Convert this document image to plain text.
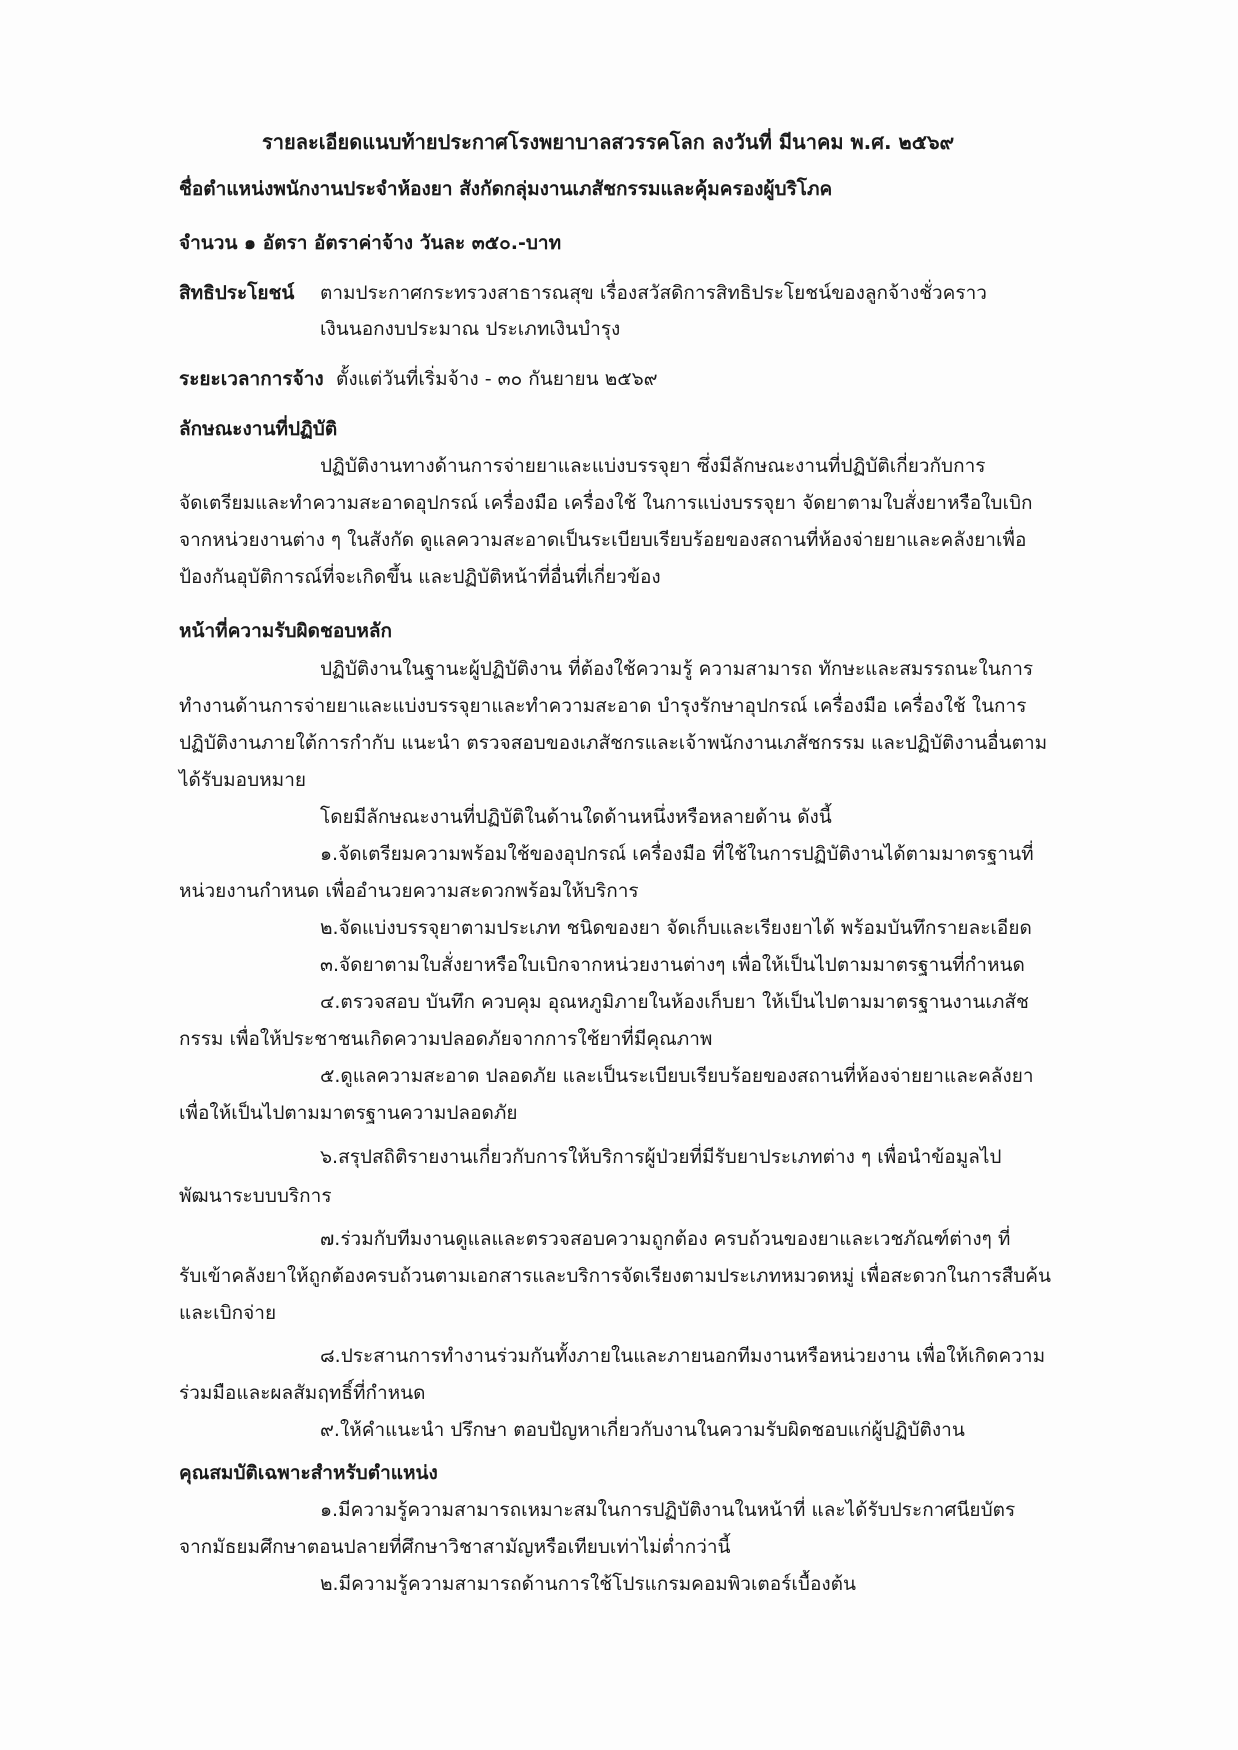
รายละเอียดแนบท้ายประกาศโรงพยาบาลสวรรคโลก ลงวันที่ มีนาคม พ.ศ. ๒๕๖๙
ชื่อตำแหน่งพนักงานประจำห้องยา สังกัดกลุ่มงานเภสัชกรรมและคุ้มครองผู้บริโภค
จำนวน ๑ อัตรา อัตราค่าจ้าง วันละ ๓๕๐.-บาท
สิทธิประโยชน์ ตามประกาศกระทรวงสาธารณสุข เรื่องสวัสดิการสิทธิประโยชน์ของลูกจ้างชั่วคราว
เงินนอกงบประมาณ ประเภทเงินบำรุง
ระยะเวลาการจ้าง ตั้งแต่วันที่เริ่มจ้าง - ๓๐ กันยายน ๒๕๖๙
ลักษณะงานที่ปฏิบัติ
ปฏิบัติงานทางด้านการจ่ายยาและแบ่งบรรจุยา ซึ่งมีลักษณะงานที่ปฏิบัติเกี่ยวกับการ
จัดเตรียมและทำความสะอาดอุปกรณ์ เครื่องมือ เครื่องใช้ ในการแบ่งบรรจุยา จัดยาตามใบสั่งยาหรือใบเบิก
จากหน่วยงานต่าง ๆ ในสังกัด ดูแลความสะอาดเป็นระเบียบเรียบร้อยของสถานที่ห้องจ่ายยาและคลังยาเพื่อ
ป้องกันอุบัติการณ์ที่จะเกิดขึ้น และปฏิบัติหน้าที่อื่นที่เกี่ยวข้อง
หน้าที่ความรับผิดชอบหลัก
ปฏิบัติงานในฐานะผู้ปฏิบัติงาน ที่ต้องใช้ความรู้ ความสามารถ ทักษะและสมรรถนะในการ
ทำงานด้านการจ่ายยาและแบ่งบรรจุยาและทำความสะอาด บำรุงรักษาอุปกรณ์ เครื่องมือ เครื่องใช้ ในการ
ปฏิบัติงานภายใต้การกำกับ แนะนำ ตรวจสอบของเภสัชกรและเจ้าพนักงานเภสัชกรรม และปฏิบัติงานอื่นตาม
ได้รับมอบหมาย
โดยมีลักษณะงานที่ปฏิบัติในด้านใดด้านหนึ่งหรือหลายด้าน ดังนี้
๑.จัดเตรียมความพร้อมใช้ของอุปกรณ์ เครื่องมือ ที่ใช้ในการปฏิบัติงานได้ตามมาตรฐานที่
หน่วยงานกำหนด เพื่ออำนวยความสะดวกพร้อมให้บริการ
๒.จัดแบ่งบรรจุยาตามประเภท ชนิดของยา จัดเก็บและเรียงยาได้ พร้อมบันทึกรายละเอียด
๓.จัดยาตามใบสั่งยาหรือใบเบิกจากหน่วยงานต่างๆ เพื่อให้เป็นไปตามมาตรฐานที่กำหนด
๔.ตรวจสอบ บันทึก ควบคุม อุณหภูมิภายในห้องเก็บยา ให้เป็นไปตามมาตรฐานงานเภสัช
กรรม เพื่อให้ประชาชนเกิดความปลอดภัยจากการใช้ยาที่มีคุณภาพ
๕.ดูแลความสะอาด ปลอดภัย และเป็นระเบียบเรียบร้อยของสถานที่ห้องจ่ายยาและคลังยา
เพื่อให้เป็นไปตามมาตรฐานความปลอดภัย
๖.สรุปสถิติรายงานเกี่ยวกับการให้บริการผู้ป่วยที่มีรับยาประเภทต่าง ๆ เพื่อนำข้อมูลไป
พัฒนาระบบบริการ
๗.ร่วมกับทีมงานดูแลและตรวจสอบความถูกต้อง ครบถ้วนของยาและเวชภัณฑ์ต่างๆ ที่
รับเข้าคลังยาให้ถูกต้องครบถ้วนตามเอกสารและบริการจัดเรียงตามประเภทหมวดหมู่ เพื่อสะดวกในการสืบค้น
และเบิกจ่าย
๘.ประสานการทำงานร่วมกันทั้งภายในและภายนอกทีมงานหรือหน่วยงาน เพื่อให้เกิดความ
ร่วมมือและผลสัมฤทธิ์ที่กำหนด
๙.ให้คำแนะนำ ปรึกษา ตอบปัญหาเกี่ยวกับงานในความรับผิดชอบแก่ผู้ปฏิบัติงาน
คุณสมบัติเฉพาะสำหรับตำแหน่ง
๑.มีความรู้ความสามารถเหมาะสมในการปฏิบัติงานในหน้าที่ และได้รับประกาศนียบัตร
จากมัธยมศึกษาตอนปลายที่ศึกษาวิชาสามัญหรือเทียบเท่าไม่ต่ำกว่านี้
๒.มีความรู้ความสามารถด้านการใช้โปรแกรมคอมพิวเตอร์เบื้องต้น
